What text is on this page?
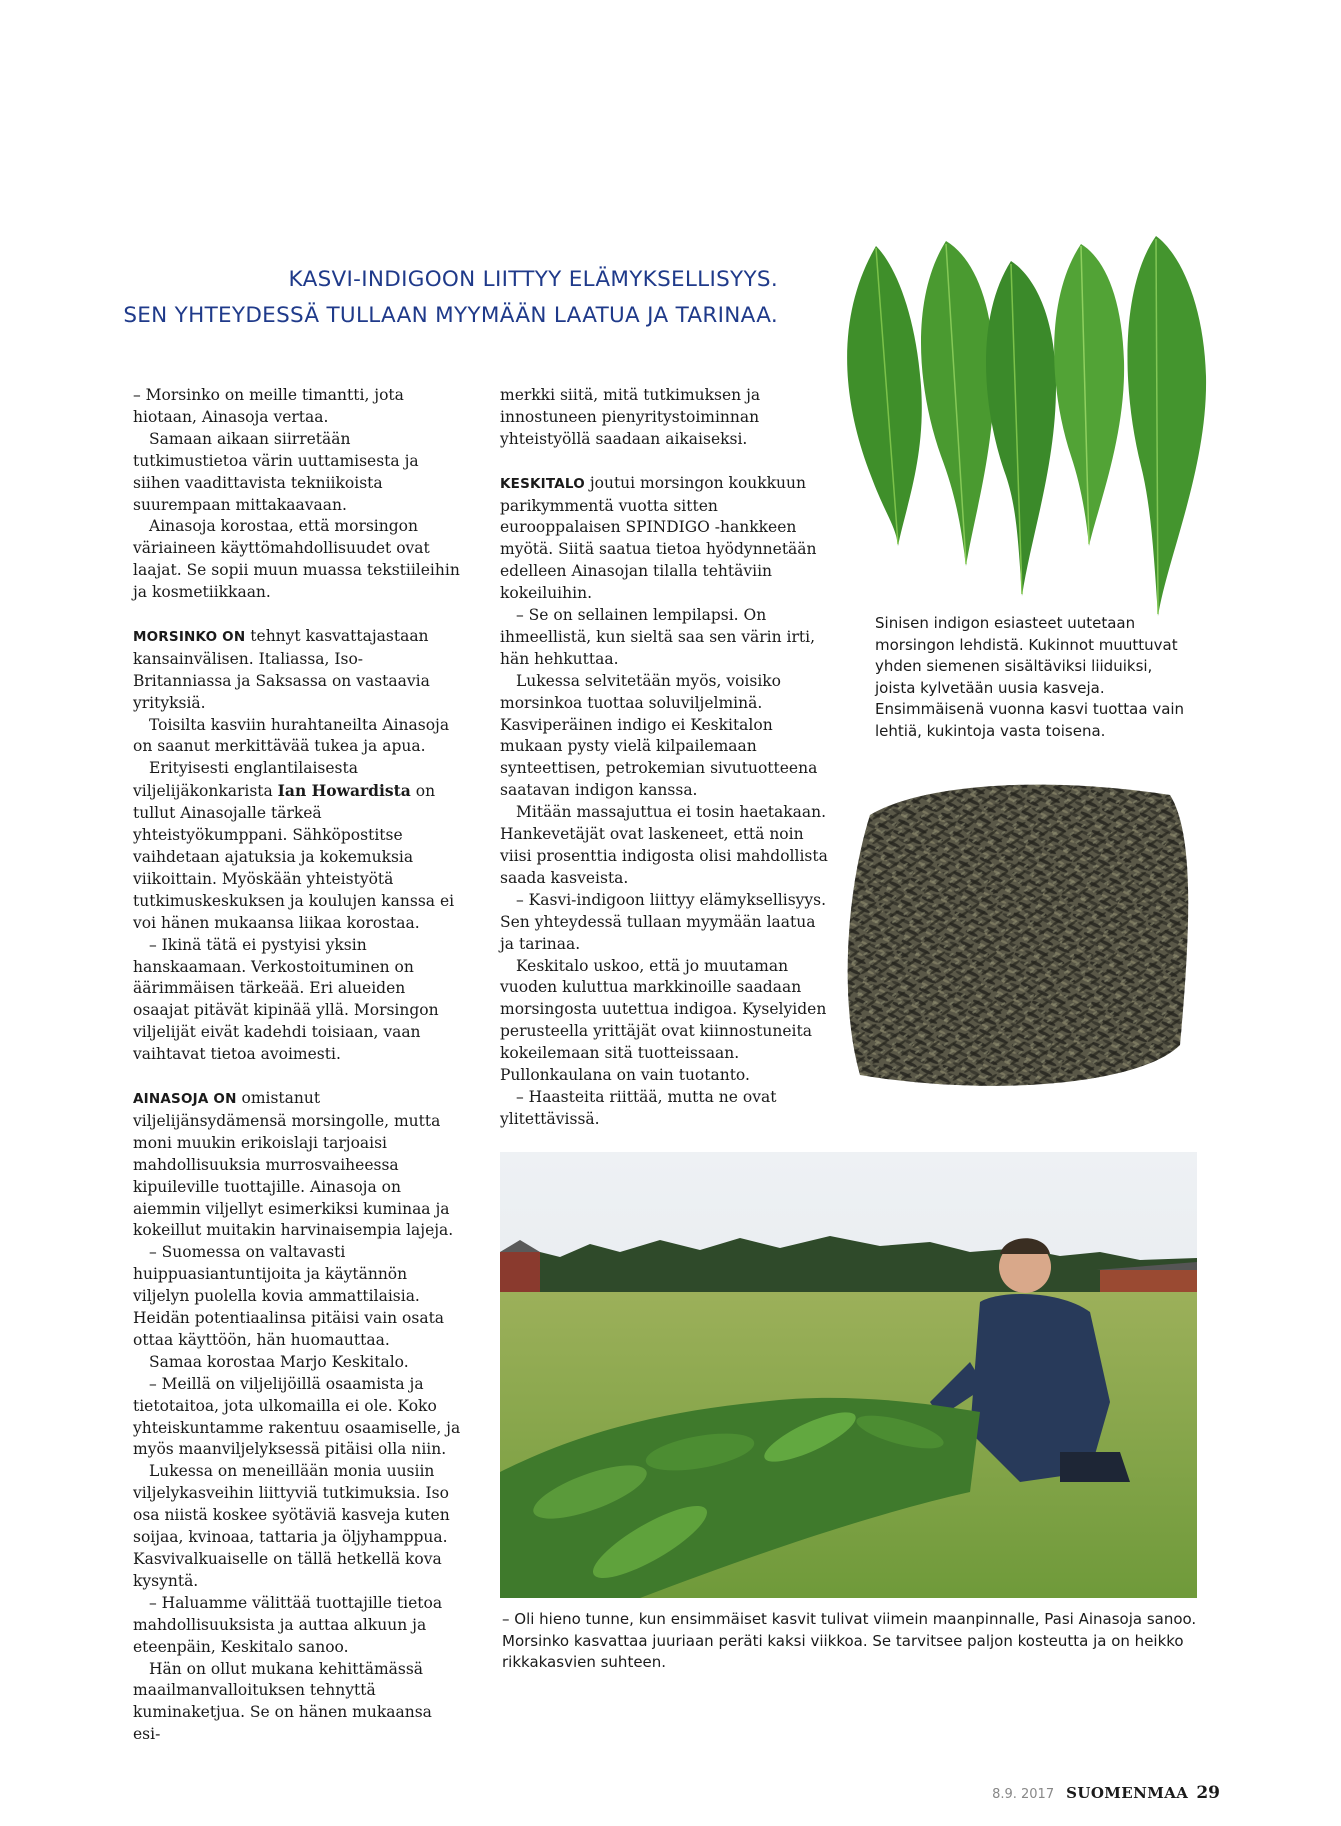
KASVI-INDIGOON LIITTYY ELÄMYKSELLISYYS.
SEN YHTEYDESSÄ TULLAAN MYYMÄÄN LAATUA JA TARINAA.

– Morsinko on meille timantti, jota hiotaan, Ainasoja vertaa.

Samaan aikaan siirretään tutkimustietoa värin uuttamisesta ja siihen vaadittavista tekniikoista suurempaan mittakaavaan.

Ainasoja korostaa, että morsingon väriaineen käyttömahdollisuudet ovat laajat. Se sopii muun muassa tekstiileihin ja kosmetiikkaan.

MORSINKO ON tehnyt kasvattajastaan kansainvälisen. Italiassa, Iso-Britanniassa ja Saksassa on vastaavia yrityksiä.

Toisilta kasviin hurahtaneilta Ainasoja on saanut merkittävää tukea ja apua.

Erityisesti englantilaisesta viljelijäkonkarista Ian Howardista on tullut Ainasojalle tärkeä yhteistyökumppani. Sähköpostitse vaihdetaan ajatuksia ja kokemuksia viikoittain. Myöskään yhteistyötä tutkimuskeskuksen ja koulujen kanssa ei voi hänen mukaansa liikaa korostaa.

– Ikinä tätä ei pystyisi yksin hanskaamaan. Verkostoituminen on äärimmäisen tärkeää. Eri alueiden osaajat pitävät kipinää yllä. Morsingon viljelijät eivät kadehdi toisiaan, vaan vaihtavat tietoa avoimesti.

AINASOJA ON omistanut viljelijänsydämensä morsingolle, mutta moni muukin erikoislaji tarjoaisi mahdollisuuksia murrosvaiheessa kipuileville tuottajille. Ainasoja on aiemmin viljellyt esimerkiksi kuminaa ja kokeillut muitakin harvinaisempia lajeja.

– Suomessa on valtavasti huippuasiantuntijoita ja käytännön viljelyn puolella kovia ammattilaisia. Heidän potentiaalinsa pitäisi vain osata ottaa käyttöön, hän huomauttaa.

Samaa korostaa Marjo Keskitalo.

– Meillä on viljelijöillä osaamista ja tietotaitoa, jota ulkomailla ei ole. Koko yhteiskuntamme rakentuu osaamiselle, ja myös maanviljelyksessä pitäisi olla niin.

Lukessa on meneillään monia uusiin viljelykasveihin liittyviä tutkimuksia. Iso osa niistä koskee syötäviä kasveja kuten soijaa, kvinoaa, tattaria ja öljyhamppua. Kasvivalkuaiselle on tällä hetkellä kova kysyntä.

– Haluamme välittää tuottajille tietoa mahdollisuuksista ja auttaa alkuun ja eteenpäin, Keskitalo sanoo.

Hän on ollut mukana kehittämässä maailmanvalloituksen tehnyttä kuminaketjua. Se on hänen mukaansa esi-

merkki siitä, mitä tutkimuksen ja innostuneen pienyritystoiminnan yhteistyöllä saadaan aikaiseksi.

KESKITALO joutui morsingon koukkuun parikymmentä vuotta sitten eurooppalaisen SPINDIGO -hankkeen myötä. Siitä saatua tietoa hyödynnetään edelleen Ainasojan tilalla tehtäviin kokeiluihin.

– Se on sellainen lempilapsi. On ihmeellistä, kun sieltä saa sen värin irti, hän hehkuttaa.

Lukessa selvitetään myös, voisiko morsinkoa tuottaa soluviljelminä. Kasviperäinen indigo ei Keskitalon mukaan pysty vielä kilpailemaan synteettisen, petrokemian sivutuotteena saatavan indigon kanssa.

Mitään massajuttua ei tosin haetakaan. Hankevetäjät ovat laskeneet, että noin viisi prosenttia indigosta olisi mahdollista saada kasveista.

– Kasvi-indigoon liittyy elämyksellisyys. Sen yhteydessä tullaan myymään laatua ja tarinaa.

Keskitalo uskoo, että jo muutaman vuoden kuluttua markkinoille saadaan morsingosta uutettua indigoa. Kyselyiden perusteella yrittäjät ovat kiinnostuneita kokeilemaan sitä tuotteissaan. Pullonkaulana on vain tuotanto.

– Haasteita riittää, mutta ne ovat ylitettävissä.

Sinisen indigon esiasteet uutetaan morsingon lehdistä. Kukinnot muuttuvat yhden siemenen sisältäviksi liiduiksi, joista kylvetään uusia kasveja. Ensimmäisenä vuonna kasvi tuottaa vain lehtiä, kukintoja vasta toisena.
– Oli hieno tunne, kun ensimmäiset kasvit tulivat viimein maanpinnalle, Pasi Ainasoja sanoo. Morsinko kasvattaa juuriaan peräti kaksi viikkoa. Se tarvitsee paljon kosteutta ja on heikko rikkakasvien suhteen.
8.9. 2017 SUOMENMAA 29
